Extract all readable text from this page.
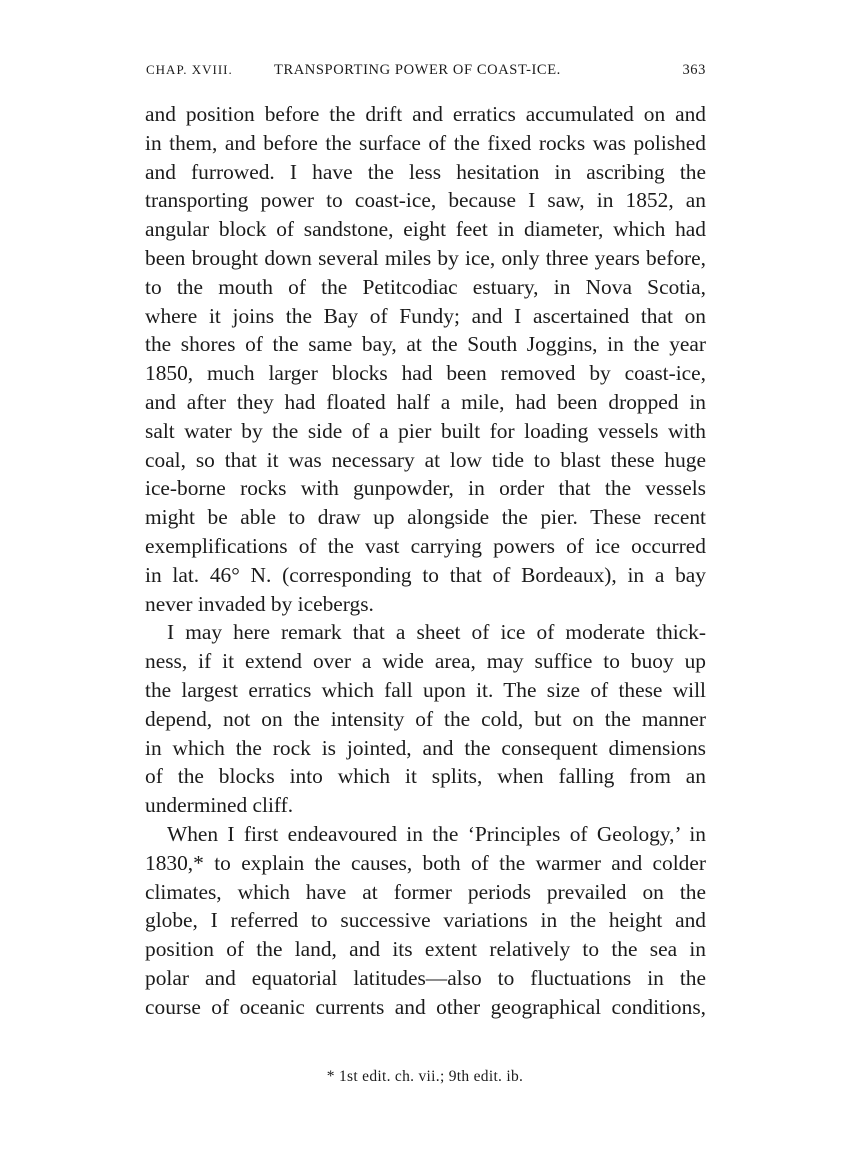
CHAP. XVIII.	TRANSPORTING POWER OF COAST-ICE.	363
and position before the drift and erratics accumulated on and
in them, and before the surface of the fixed rocks was polished
and furrowed. I have the less hesitation in ascribing the
transporting power to coast-ice, because I saw, in 1852, an
angular block of sandstone, eight feet in diameter, which had
been brought down several miles by ice, only three years before,
to the mouth of the Petitcodiac estuary, in Nova Scotia,
where it joins the Bay of Fundy; and I ascertained that on
the shores of the same bay, at the South Joggins, in the year
1850, much larger blocks had been removed by coast-ice,
and after they had floated half a mile, had been dropped in
salt water by the side of a pier built for loading vessels with
coal, so that it was necessary at low tide to blast these huge
ice-borne rocks with gunpowder, in order that the vessels
might be able to draw up alongside the pier. These recent
exemplifications of the vast carrying powers of ice occurred
in lat. 46° N. (corresponding to that of Bordeaux), in a bay
never invaded by icebergs.
I may here remark that a sheet of ice of moderate thick-
ness, if it extend over a wide area, may suffice to buoy up
the largest erratics which fall upon it. The size of these will
depend, not on the intensity of the cold, but on the manner
in which the rock is jointed, and the consequent dimensions
of the blocks into which it splits, when falling from an
undermined cliff.
When I first endeavoured in the ‘Principles of Geology,’ in
1830,* to explain the causes, both of the warmer and colder
climates, which have at former periods prevailed on the
globe, I referred to successive variations in the height and
position of the land, and its extent relatively to the sea in
polar and equatorial latitudes—also to fluctuations in the
course of oceanic currents and other geographical conditions,
* 1st edit. ch. vii.; 9th edit. ib.
